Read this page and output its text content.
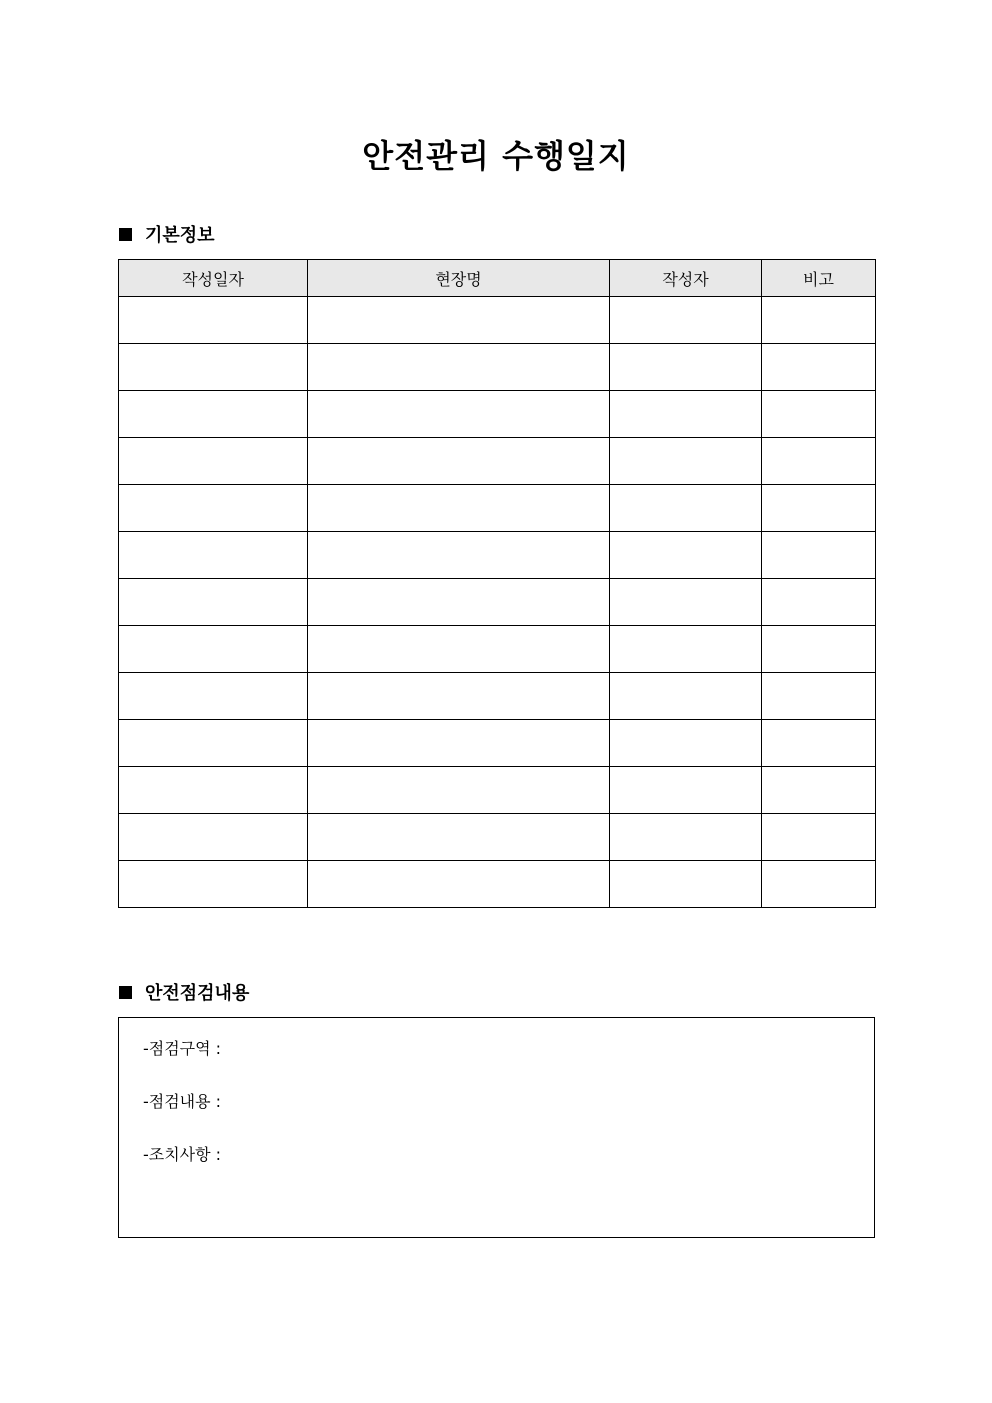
안전관리 수행일지
기본정보
작성일자	현장명	작성자	비고

안전점검내용
-점검구역 :
-점검내용 :
-조치사항 :
